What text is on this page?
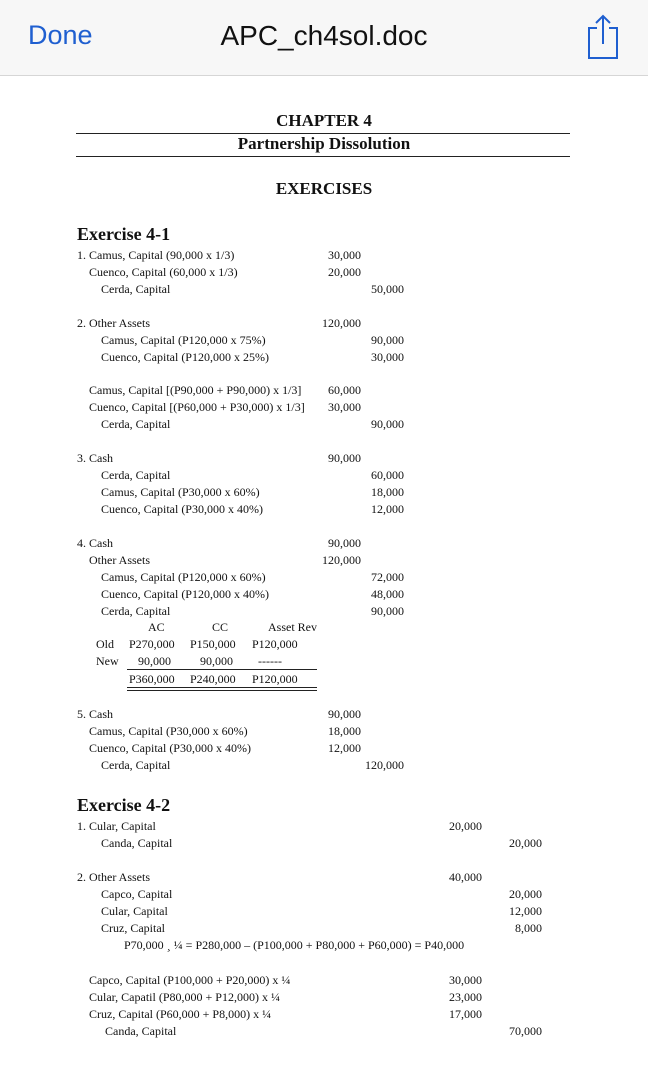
Done	APC_ch4sol.doc
CHAPTER 4
Partnership Dissolution
EXERCISES
Exercise 4-1
1. Camus, Capital (90,000 x 1/3)	30,000
Cuenco, Capital (60,000 x 1/3)	20,000
Cerda, Capital	50,000
2. Other Assets	120,000
Camus, Capital (P120,000 x 75%)	90,000
Cuenco, Capital (P120,000 x 25%)	30,000
Camus, Capital [(P90,000 + P90,000) x 1/3]	60,000
Cuenco, Capital [(P60,000 + P30,000) x 1/3]	30,000
Cerda, Capital	90,000
3. Cash	90,000
Cerda, Capital	60,000
Camus, Capital (P30,000 x 60%)	18,000
Cuenco, Capital (P30,000 x 40%)	12,000
4. Cash	90,000
Other Assets	120,000
Camus, Capital (P120,000 x 60%)	72,000
Cuenco, Capital (P120,000 x 40%)	48,000
Cerda, Capital	90,000
AC	CC	Asset Rev
Old P270,000 P150,000 P120,000
New 90,000 90,000 ------
P360,000 P240,000 P120,000
5. Cash	90,000
Camus, Capital (P30,000 x 60%)	18,000
Cuenco, Capital (P30,000 x 40%)	12,000
Cerda, Capital	120,000
Exercise 4-2
1. Cular, Capital	20,000
Canda, Capital	20,000
2. Other Assets	40,000
Capco, Capital	20,000
Cular, Capital	12,000
Cruz, Capital	8,000
P70,000 ¸ ¼ = P280,000 – (P100,000 + P80,000 + P60,000) = P40,000
Capco, Capital (P100,000 + P20,000) x ¼	30,000
Cular, Capatil (P80,000 + P12,000) x ¼	23,000
Cruz, Capital (P60,000 + P8,000) x ¼	17,000
Canda, Capital	70,000
